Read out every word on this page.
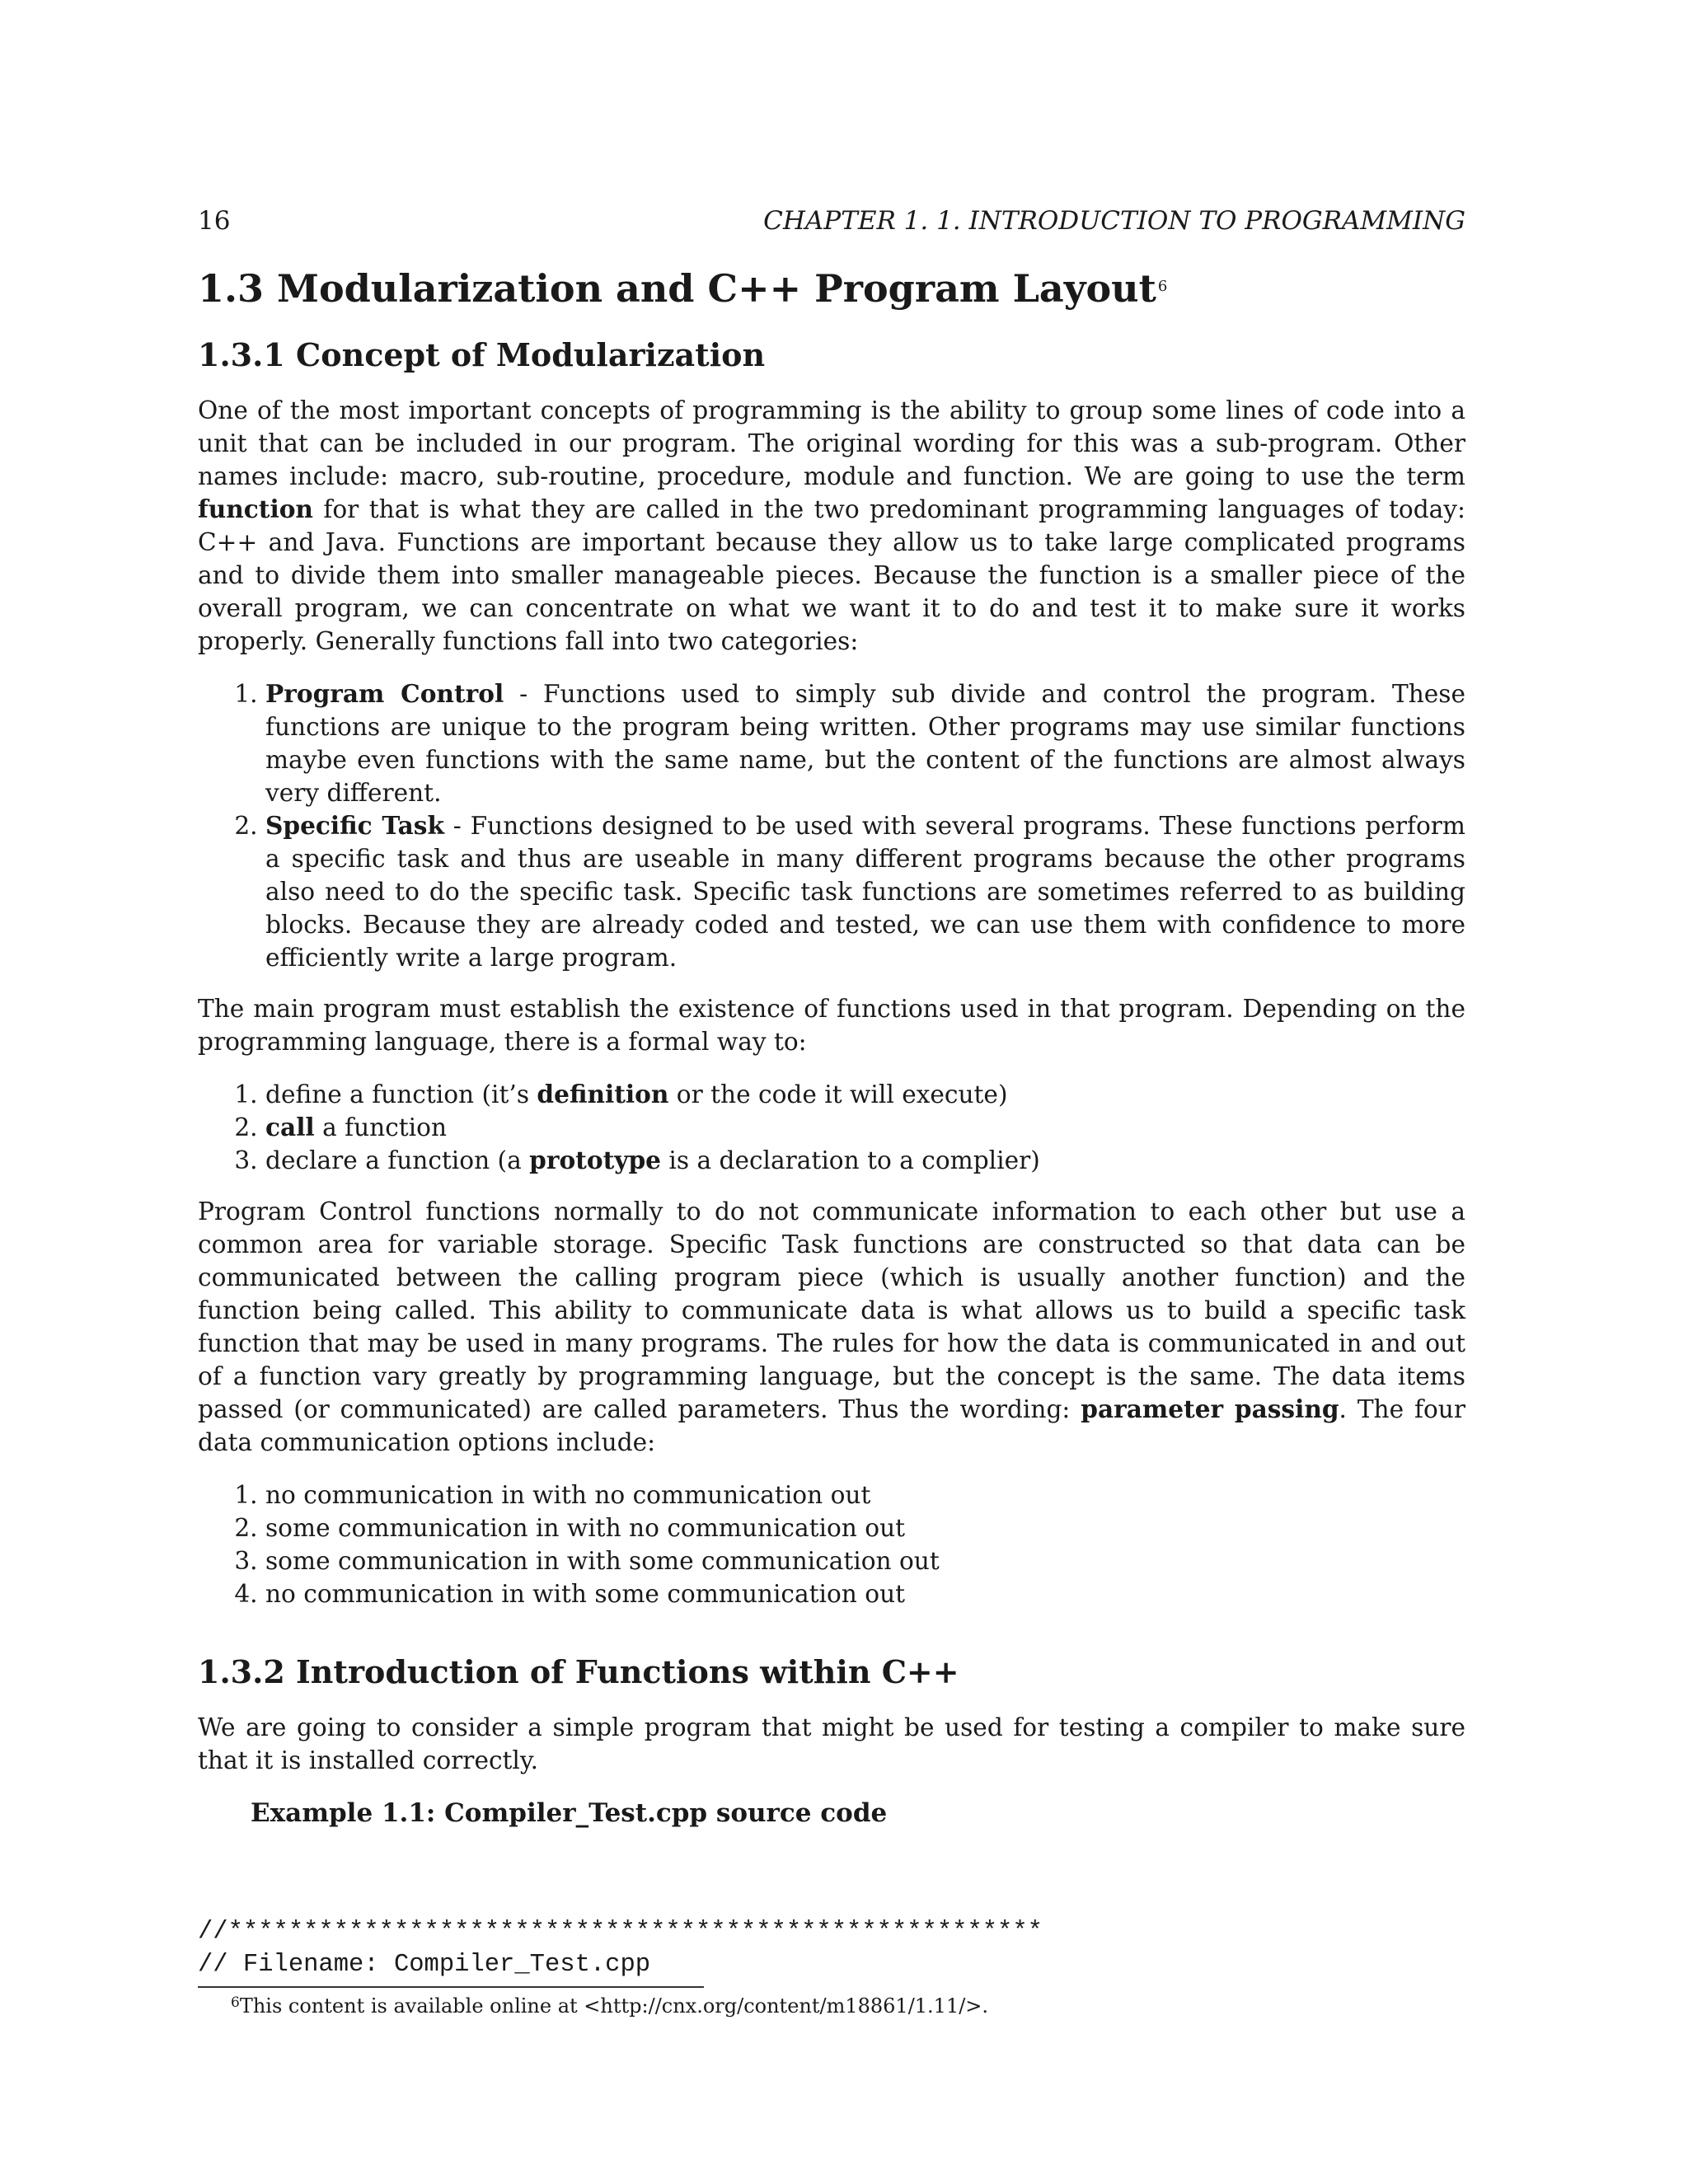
16	CHAPTER 1. 1. INTRODUCTION TO PROGRAMMING
1.3 Modularization and C++ Program Layout $^6$
1.3.1 Concept of Modularization

One of the most important concepts of programming is the ability to group some lines of code into a unit that can be included in our program. The original wording for this was a sub-program. Other names include: macro, sub-routine, procedure, module and function. We are going to use the term function for that is what they are called in the two predominant programming languages of today: C++ and Java. Functions are important because they allow us to take large complicated programs and to divide them into smaller manageable pieces. Because the function is a smaller piece of the overall program, we can concentrate on what we want it to do and test it to make sure it works properly. Generally functions fall into two categories:

1. Program Control - Functions used to simply sub divide and control the program. These functions are unique to the program being written. Other programs may use similar functions maybe even functions with the same name, but the content of the functions are almost always very different.
2. Specific Task - Functions designed to be used with several programs. These functions perform a specific task and thus are useable in many different programs because the other programs also need to do the specific task. Specific task functions are sometimes referred to as building blocks. Because they are already coded and tested, we can use them with confidence to more efficiently write a large program.

The main program must establish the existence of functions used in that program. Depending on the programming language, there is a formal way to:

1. define a function (it’s definition or the code it will execute)
2. call a function
3. declare a function (a prototype is a declaration to a complier)

Program Control functions normally to do not communicate information to each other but use a common area for variable storage. Specific Task functions are constructed so that data can be communicated between the calling program piece (which is usually another function) and the function being called. This ability to communicate data is what allows us to build a specific task function that may be used in many programs. The rules for how the data is communicated in and out of a function vary greatly by programming language, but the concept is the same. The data items passed (or communicated) are called parameters. Thus the wording: parameter passing. The four data communication options include:

1. no communication in with no communication out
2. some communication in with no communication out
3. some communication in with some communication out
4. no communication in with some communication out
1.3.2 Introduction of Functions within C++

We are going to consider a simple program that might be used for testing a compiler to make sure that it is installed correctly.

Example 1.1: Compiler_Test.cpp source code

//******************************************************
// Filename: Compiler_Test.cpp
$^6$This content is available online at <http://cnx.org/content/m18861/1.11/>.
